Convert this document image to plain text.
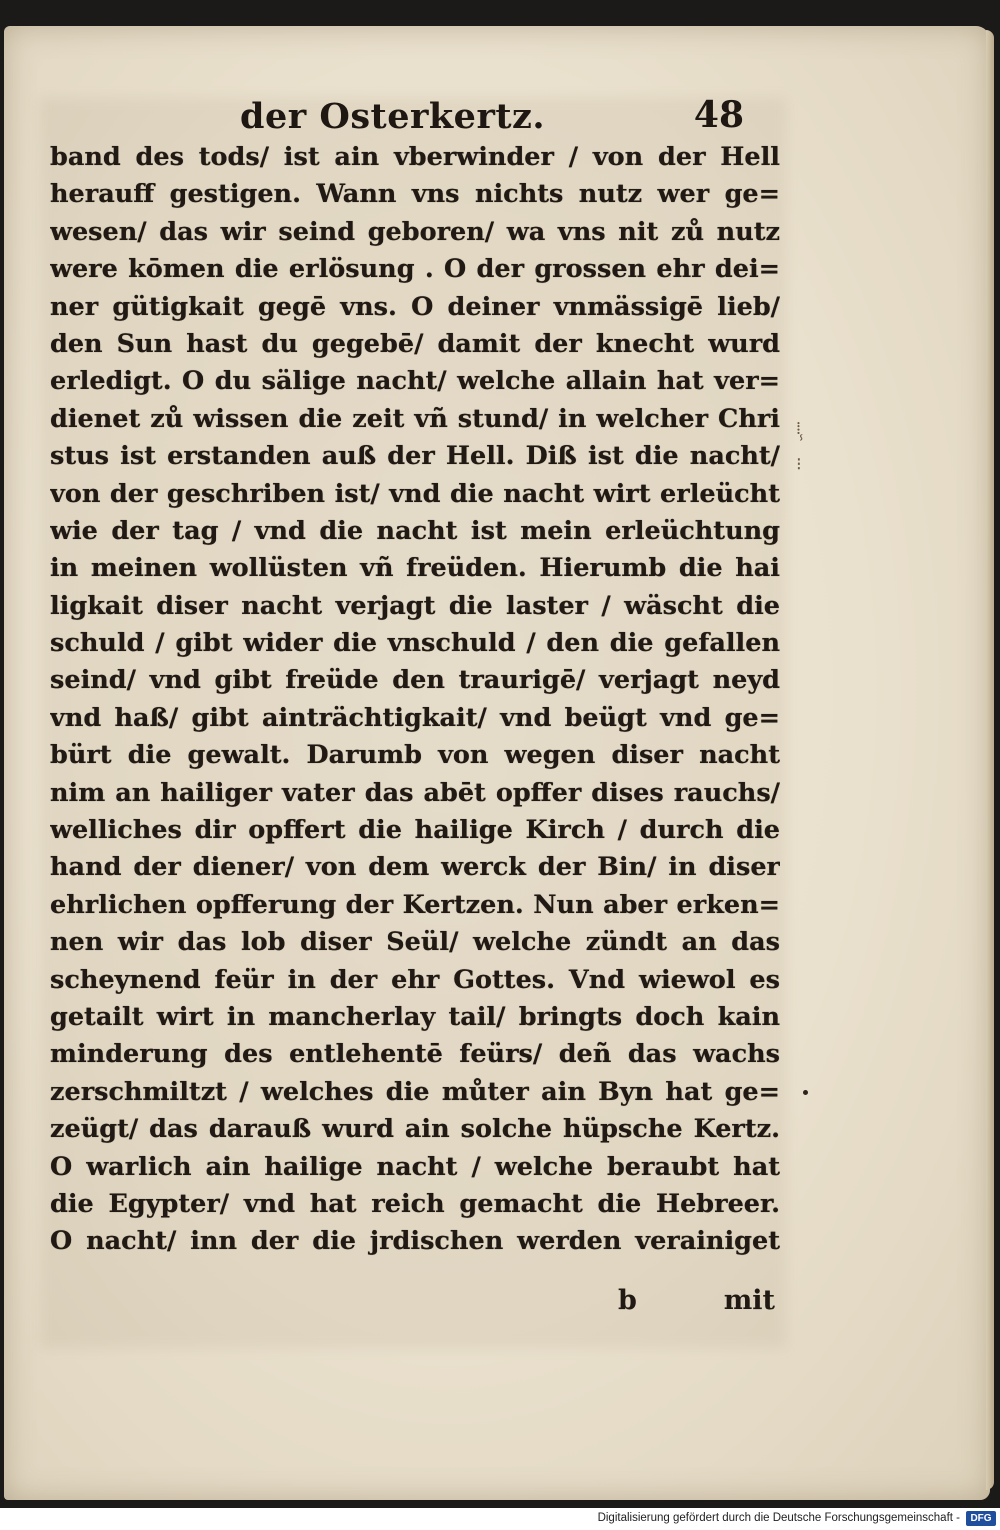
der Osterkertz.	48
band des tods/ ist ain vberwinder / von der Hell
herauff gestigen. Wann vns nichts nutz wer ge=
wesen/ das wir seind geboren/ wa vns nit zů nutz
were kōmen die erlösung . O der grossen ehr dei=
ner gütigkait gegē vns. O deiner vnmässigē lieb/
den Sun hast du gegebē/ damit der knecht wurd
erledigt. O du sälige nacht/ welche allain hat ver=
dienet zů wissen die zeit vñ stund/ in welcher Chri
stus ist erstanden auß der Hell. Diß ist die nacht/
von der geschriben ist/ vnd die nacht wirt erleücht
wie der tag / vnd die nacht ist mein erleüchtung
in meinen wollüsten vñ freüden. Hierumb die hai
ligkait diser nacht verjagt die laster / wäscht die
schuld / gibt wider die vnschuld / den die gefallen
seind/ vnd gibt freüde den traurigē/ verjagt neyd
vnd haß/ gibt ainträchtigkait/ vnd beügt vnd ge=
bürt die gewalt. Darumb von wegen diser nacht
nim an hailiger vater das abēt opffer dises rauchs/
welliches dir opffert die hailige Kirch / durch die
hand der diener/ von dem werck der Bin/ in diser
ehrlichen opfferung der Kertzen. Nun aber erken=
nen wir das lob diser Seül/ welche zündt an das
scheynend feür in der ehr Gottes. Vnd wiewol es
getailt wirt in mancherlay tail/ bringts doch kain
minderung des entlehentē feürs/ deñ das wachs
zerschmiltzt / welches die můter ain Byn hat ge=
zeügt/ das darauß wurd ain solche hüpsche Kertz.
O warlich ain hailige nacht / welche beraubt hat
die Egypter/ vnd hat reich gemacht die Hebreer.
O nacht/ inn der die jrdischen werden verainiget
b	mit
⁞
ⸯ
⁝
Digitalisierung gefördert durch die Deutsche Forschungsgemeinschaft -	DFG
